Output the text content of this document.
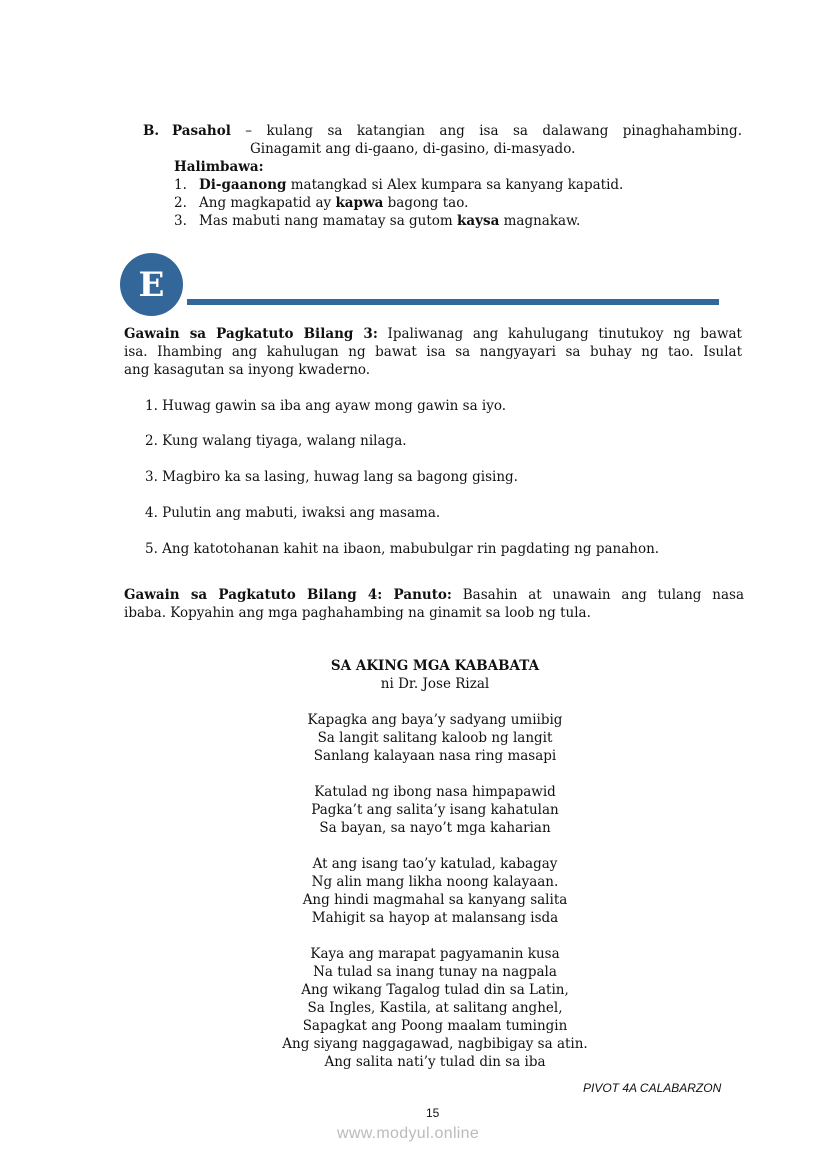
B. Pasahol – kulang sa katangian ang isa sa dalawang pinaghahambing.
Ginagamit ang di-gaano, di-gasino, di-masyado.
Halimbawa:
1. Di-gaanong matangkad si Alex kumpara sa kanyang kapatid.
2. Ang magkapatid ay kapwa bagong tao.
3. Mas mabuti nang mamatay sa gutom kaysa magnakaw.
E
Gawain sa Pagkatuto Bilang 3: Ipaliwanag ang kahulugang tinutukoy ng bawat
isa. Ihambing ang kahulugan ng bawat isa sa nangyayari sa buhay ng tao. Isulat
ang kasagutan sa inyong kwaderno.
1. Huwag gawin sa iba ang ayaw mong gawin sa iyo.
2. Kung walang tiyaga, walang nilaga.
3. Magbiro ka sa lasing, huwag lang sa bagong gising.
4. Pulutin ang mabuti, iwaksi ang masama.
5. Ang katotohanan kahit na ibaon, mabubulgar rin pagdating ng panahon.
Gawain sa Pagkatuto Bilang 4: Panuto: Basahin at unawain ang tulang nasa
ibaba. Kopyahin ang mga paghahambing na ginamit sa loob ng tula.
SA AKING MGA KABABATA
ni Dr. Jose Rizal
Kapagka ang baya’y sadyang umiibig
Sa langit salitang kaloob ng langit
Sanlang kalayaan nasa ring masapi
Katulad ng ibong nasa himpapawid
Pagka’t ang salita’y isang kahatulan
Sa bayan, sa nayo’t mga kaharian
At ang isang tao’y katulad, kabagay
Ng alin mang likha noong kalayaan.
Ang hindi magmahal sa kanyang salita
Mahigit sa hayop at malansang isda
Kaya ang marapat pagyamanin kusa
Na tulad sa inang tunay na nagpala
Ang wikang Tagalog tulad din sa Latin,
Sa Ingles, Kastila, at salitang anghel,
Sapagkat ang Poong maalam tumingin
Ang siyang naggagawad, nagbibigay sa atin.
Ang salita nati’y tulad din sa iba
PIVOT 4A CALABARZON
15
www.modyul.online
